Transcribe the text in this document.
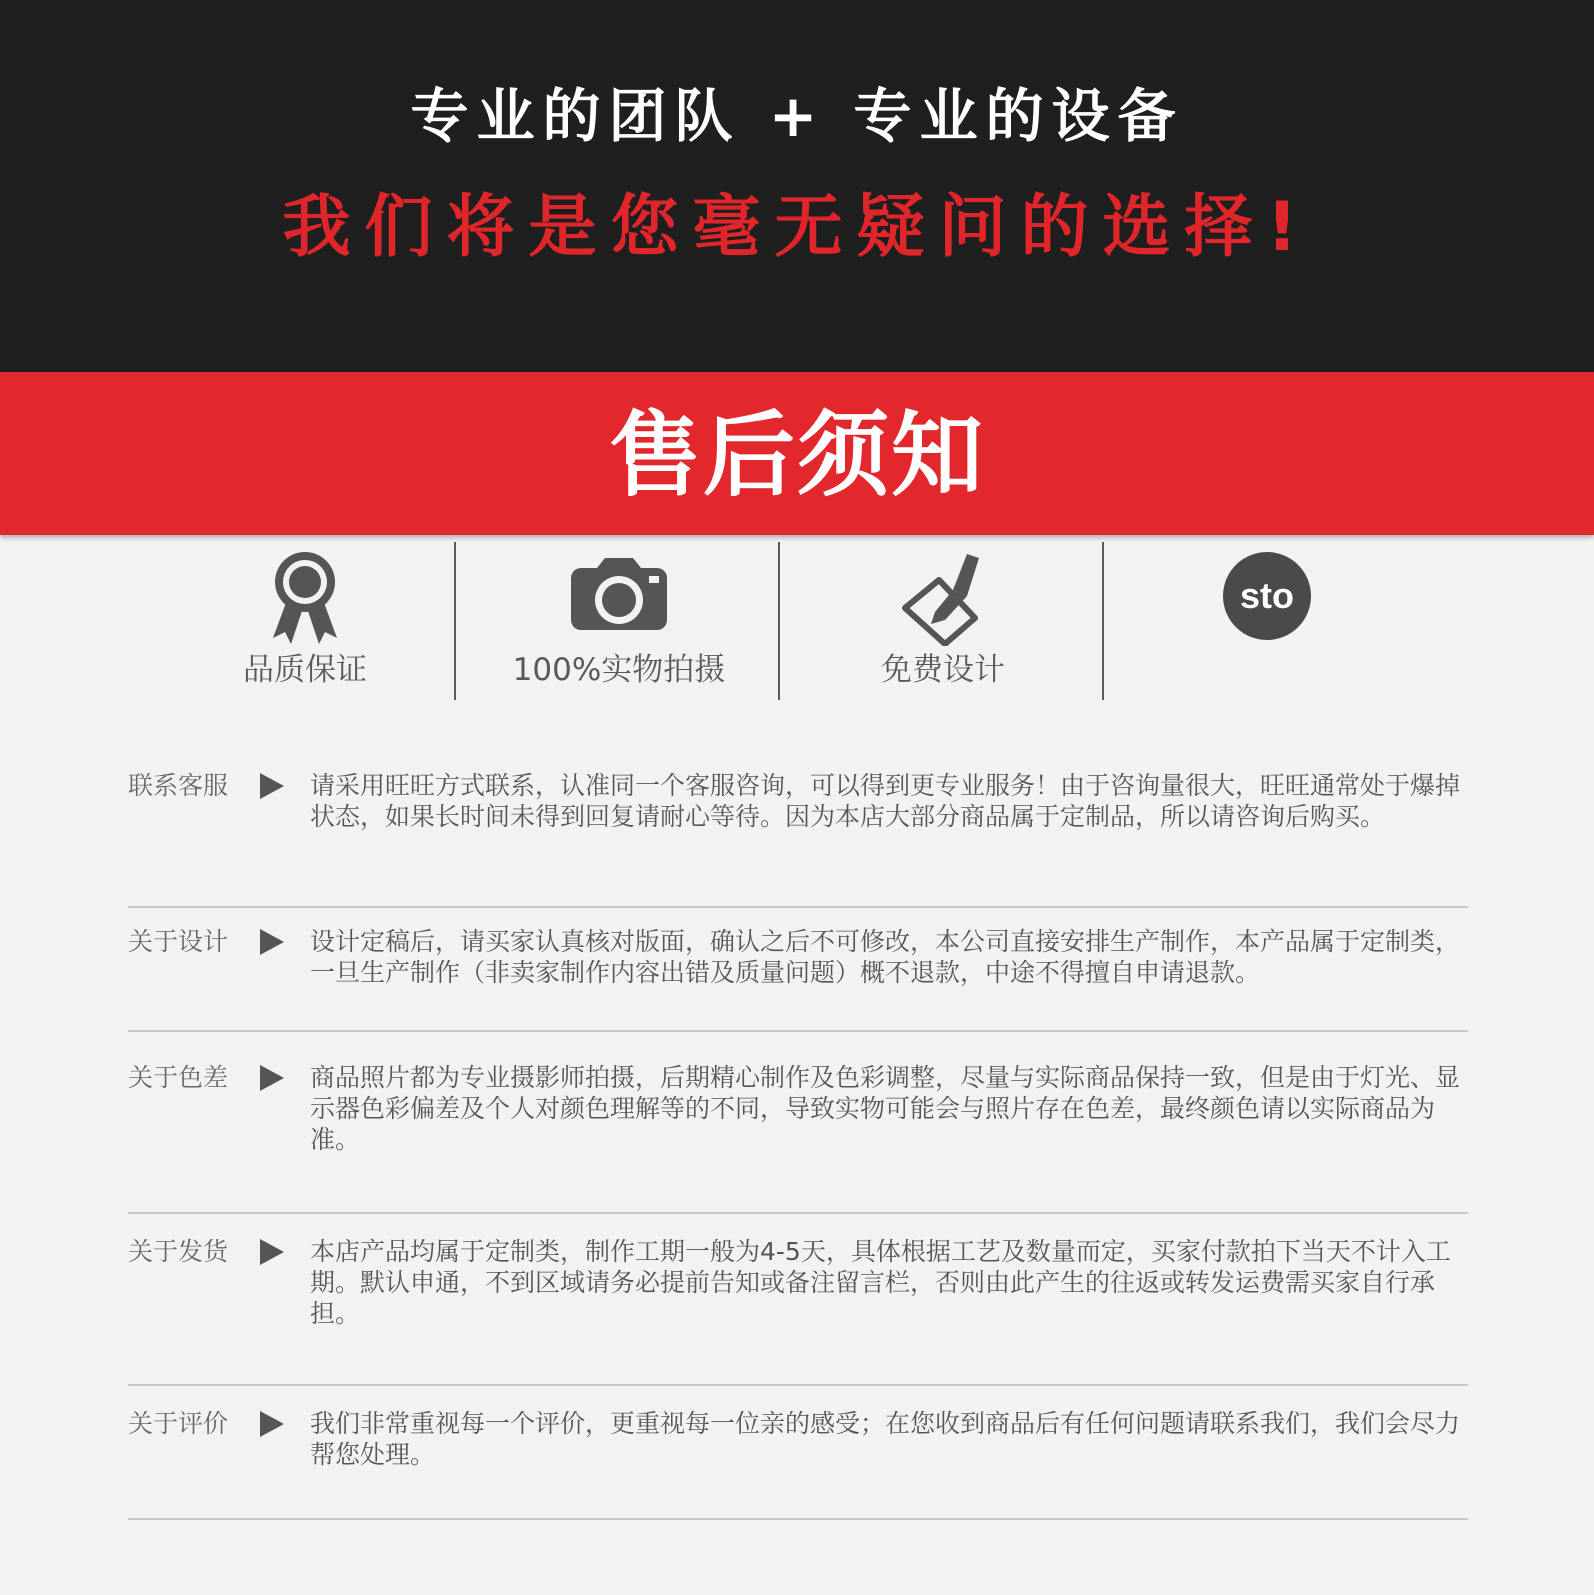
专业的团队 + 专业的设备
我们将是您毫无疑问的选择!
售后须知
品质保证	100%实物拍摄	免费设计
sto
联系客服	请采用旺旺方式联系，认准同一个客服咨询，可以得到更专业服务！由于咨询量很大，旺旺通常处于爆掉状态，如果长时间未得到回复请耐心等待。因为本店大部分商品属于定制品，所以请咨询后购买。
关于设计	设计定稿后，请买家认真核对版面，确认之后不可修改，本公司直接安排生产制作，本产品属于定制类，一旦生产制作（非卖家制作内容出错及质量问题）概不退款，中途不得擅自申请退款。
关于色差	商品照片都为专业摄影师拍摄，后期精心制作及色彩调整，尽量与实际商品保持一致，但是由于灯光、显示器色彩偏差及个人对颜色理解等的不同，导致实物可能会与照片存在色差，最终颜色请以实际商品为准。
关于发货	本店产品均属于定制类，制作工期一般为4-5天，具体根据工艺及数量而定，买家付款拍下当天不计入工期。默认申通，不到区域请务必提前告知或备注留言栏，否则由此产生的往返或转发运费需买家自行承担。
关于评价	我们非常重视每一个评价，更重视每一位亲的感受；在您收到商品后有任何问题请联系我们，我们会尽力帮您处理。
